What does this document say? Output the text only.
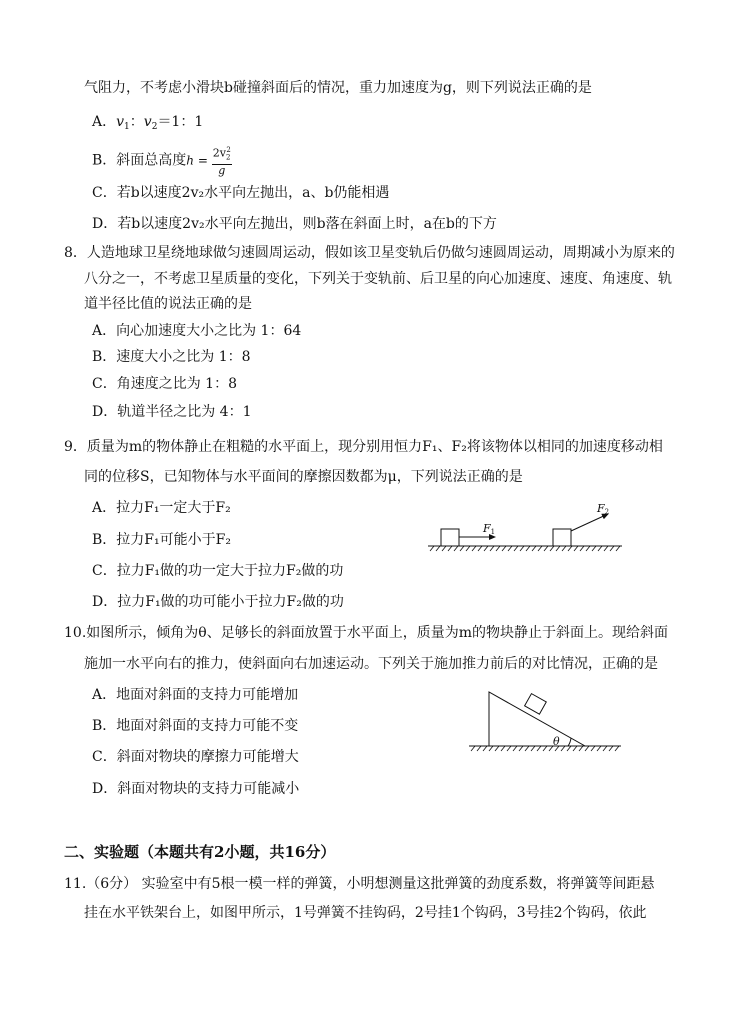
气阻力，不考虑小滑块b碰撞斜面后的情况，重力加速度为g，则下列说法正确的是
A．$v_1$：$v_2=1$：1
B．斜面总高度$h = \frac{2v_2^2}{g}$
C．若b以速度2v₂水平向左抛出，a、b仍能相遇
D．若b以速度2v₂水平向左抛出，则b落在斜面上时，a在b的下方
8．人造地球卫星绕地球做匀速圆周运动，假如该卫星变轨后仍做匀速圆周运动，周期减小为原来的
八分之一，不考虑卫星质量的变化，下列关于变轨前、后卫星的向心加速度、速度、角速度、轨
道半径比值的说法正确的是
A．向心加速度大小之比为 1：64
B．速度大小之比为 1：8
C．角速度之比为 1：8
D．轨道半径之比为 4：1
9．质量为m的物体静止在粗糙的水平面上，现分别用恒力F₁、F₂将该物体以相同的加速度移动相
同的位移S，已知物体与水平面间的摩擦因数都为μ，下列说法正确的是
A．拉力F₁一定大于F₂
B．拉力F₁可能小于F₂
C．拉力F₁做的功一定大于拉力F₂做的功
D．拉力F₁做的功可能小于拉力F₂做的功
F1
F2
10.如图所示，倾角为θ、足够长的斜面放置于水平面上，质量为m的物块静止于斜面上。现给斜面
施加一水平向右的推力，使斜面向右加速运动。下列关于施加推力前后的对比情况，正确的是
A．地面对斜面的支持力可能增加
B．地面对斜面的支持力可能不变
C．斜面对物块的摩擦力可能增大
D．斜面对物块的支持力可能减小
θ
二、实验题（本题共有2小题，共16分）
11.（6分） 实验室中有5根一模一样的弹簧，小明想测量这批弹簧的劲度系数，将弹簧等间距悬
挂在水平铁架台上，如图甲所示，1号弹簧不挂钩码，2号挂1个钩码，3号挂2个钩码，依此
